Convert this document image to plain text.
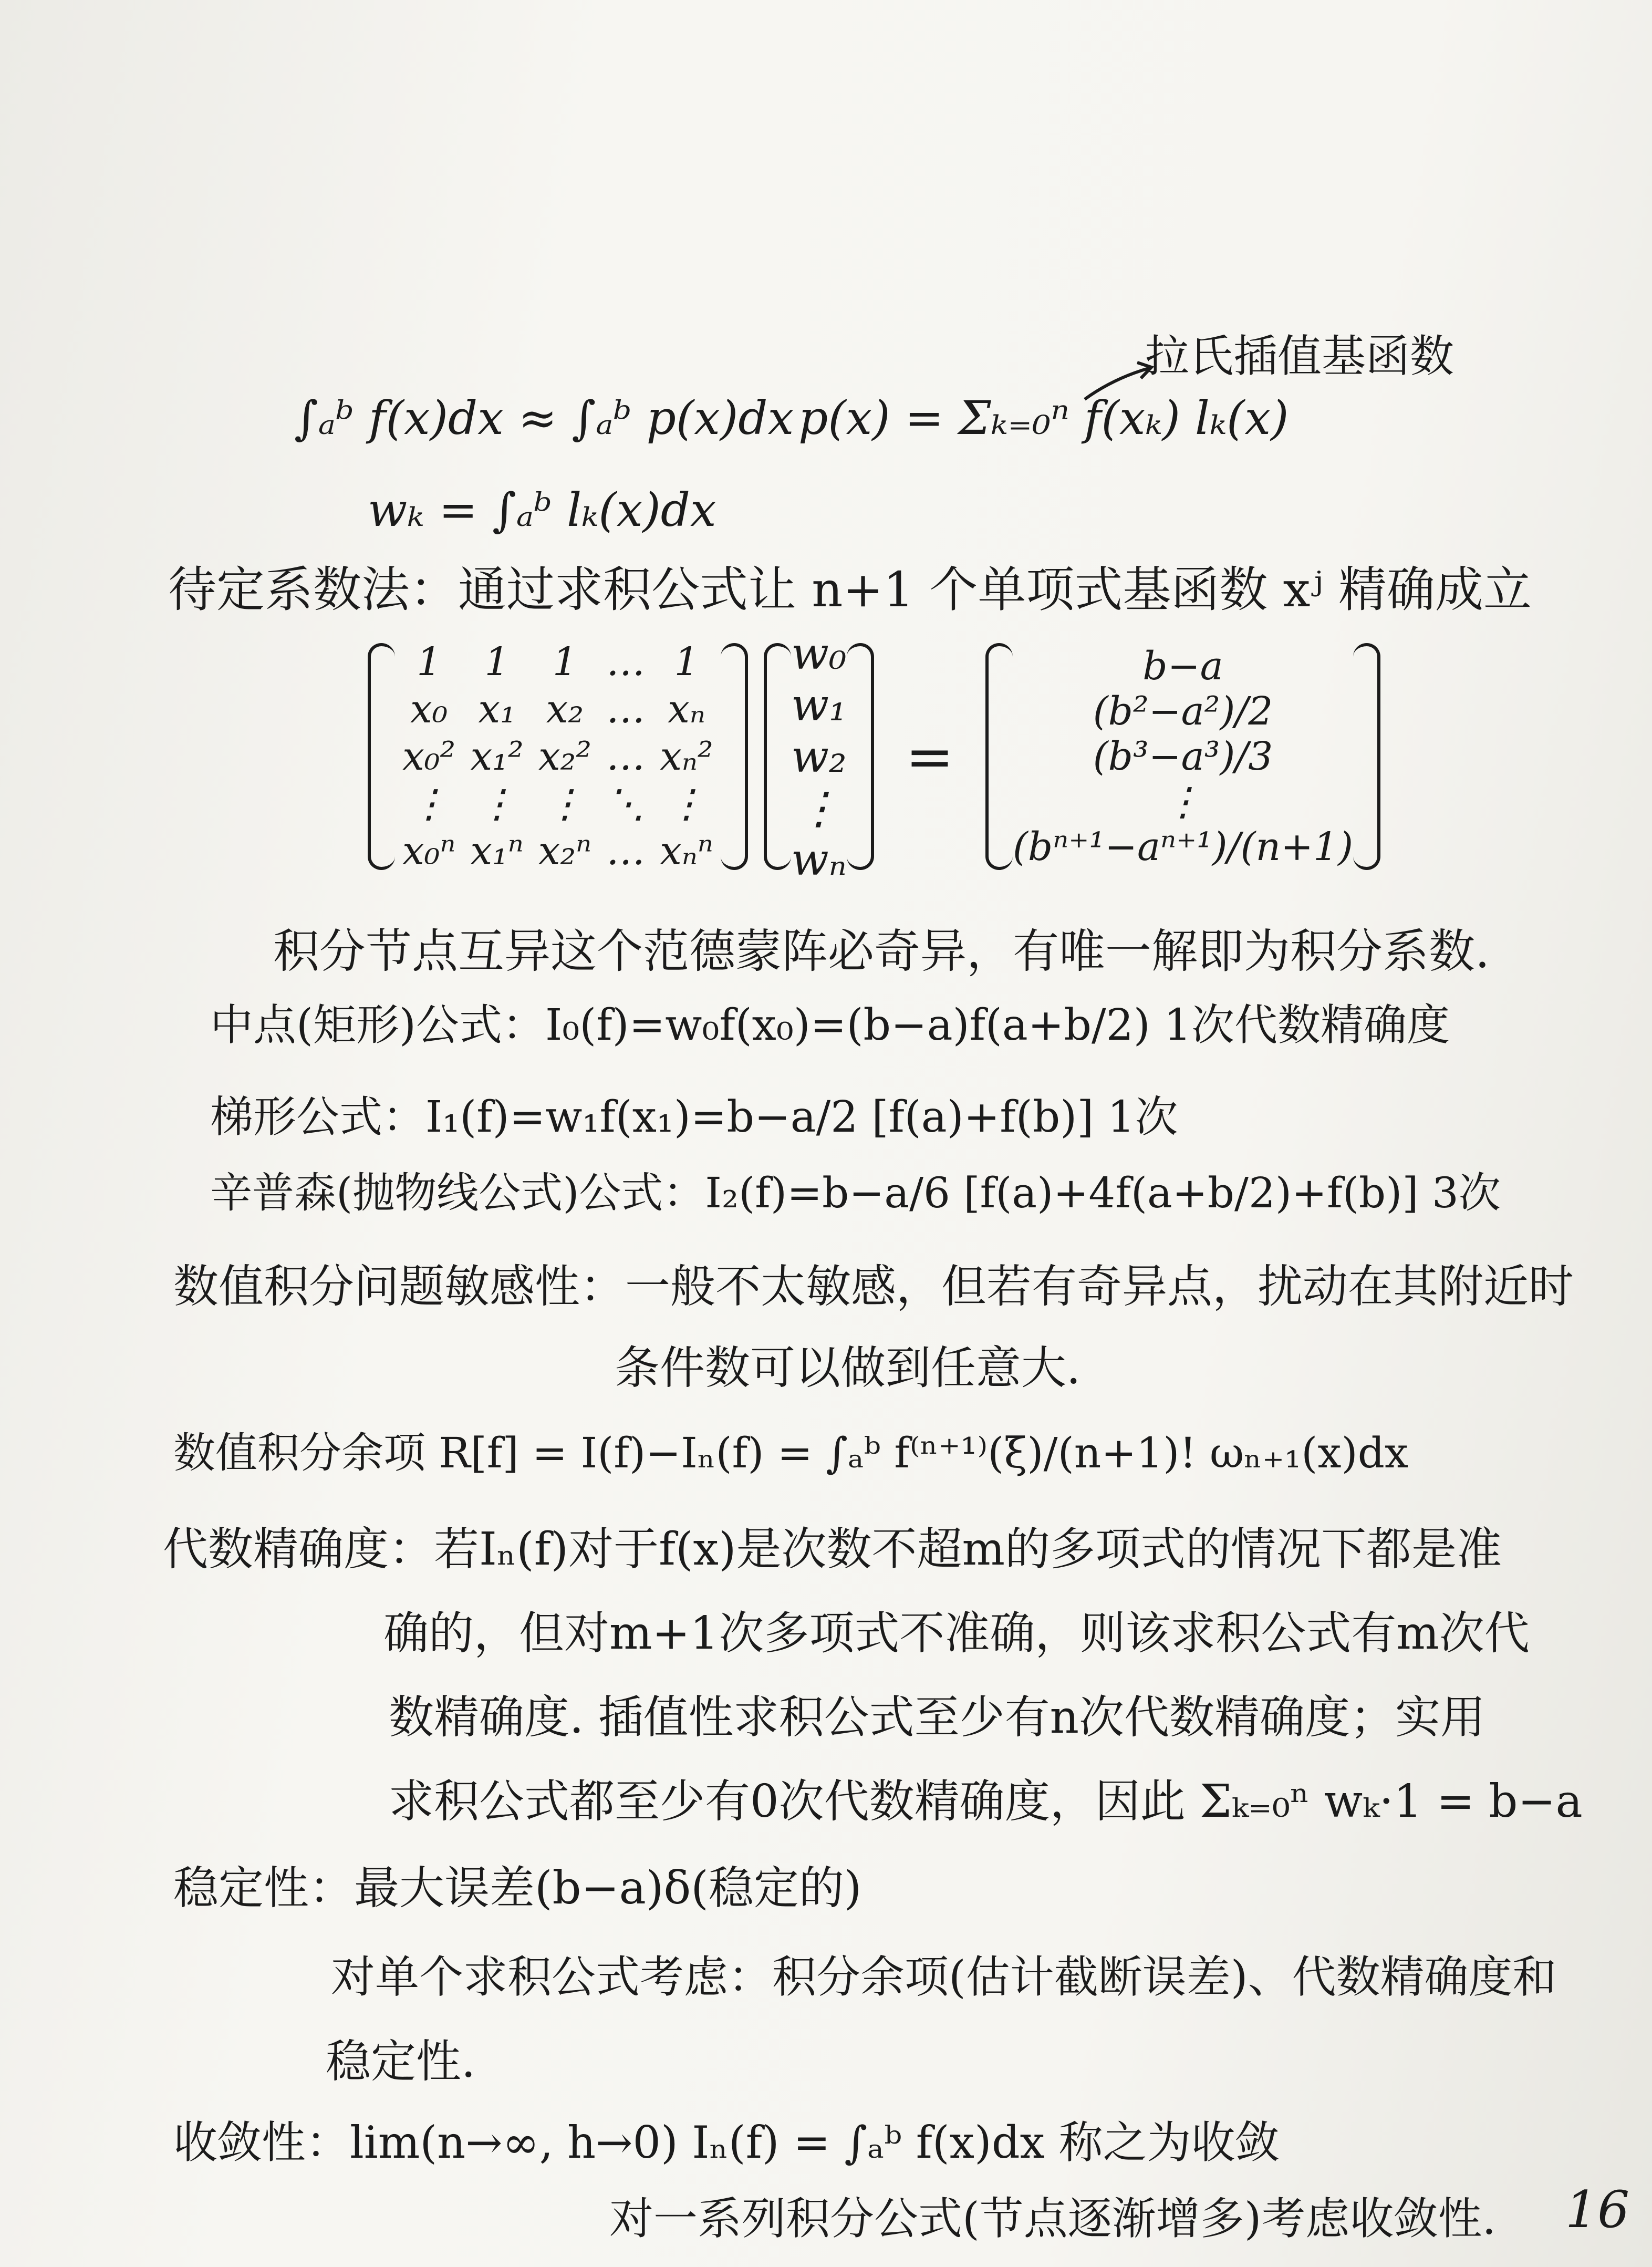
∫ₐᵇ f(x)dx ≈ ∫ₐᵇ p(x)dx p(x) = Σₖ₌₀ⁿ f(xₖ) lₖ(x)
拉氏插值基函数
wₖ = ∫ₐᵇ lₖ(x)dx
待定系数法：通过求积公式让 n+1 个单项式基函数 xʲ 精确成立
1	1	1 … 1
x₀ x₁ x₂ … xₙ
x₀² x₁² x₂² … xₙ²
⋮ ⋮ ⋮ ⋱ ⋮
x₀ⁿ x₁ⁿ x₂ⁿ … xₙⁿ
w₀
w₁
w₂
⋮
wₙ
=
b−a
(b²−a²)/2
(b³−a³)/3
⋮
(bⁿ⁺¹−aⁿ⁺¹)/(n+1)
积分节点互异这个范德蒙阵必奇异，有唯一解即为积分系数.
中点(矩形)公式：I₀(f)=w₀f(x₀)=(b−a)f(a+b/2) 1次代数精确度
梯形公式：I₁(f)=w₁f(x₁)=b−a/2 [f(a)+f(b)] 1次
辛普森(抛物线公式)公式：I₂(f)=b−a/6 [f(a)+4f(a+b/2)+f(b)] 3次
数值积分问题敏感性：一般不太敏感，但若有奇异点，扰动在其附近时
条件数可以做到任意大.
数值积分余项 R[f] = I(f)−Iₙ(f) = ∫ₐᵇ f⁽ⁿ⁺¹⁾(ξ)/(n+1)! ωₙ₊₁(x)dx
代数精确度：若Iₙ(f)对于f(x)是次数不超m的多项式的情况下都是准
确的，但对m+1次多项式不准确，则该求积公式有m次代
数精确度. 插值性求积公式至少有n次代数精确度；实用
求积公式都至少有0次代数精确度，因此 Σₖ₌₀ⁿ wₖ·1 = b−a
稳定性：最大误差(b−a)δ(稳定的)
对单个求积公式考虑：积分余项(估计截断误差)、代数精确度和
稳定性.
收敛性：lim(n→∞, h→0) Iₙ(f) = ∫ₐᵇ f(x)dx 称之为收敛
对一系列积分公式(节点逐渐增多)考虑收敛性. 16
